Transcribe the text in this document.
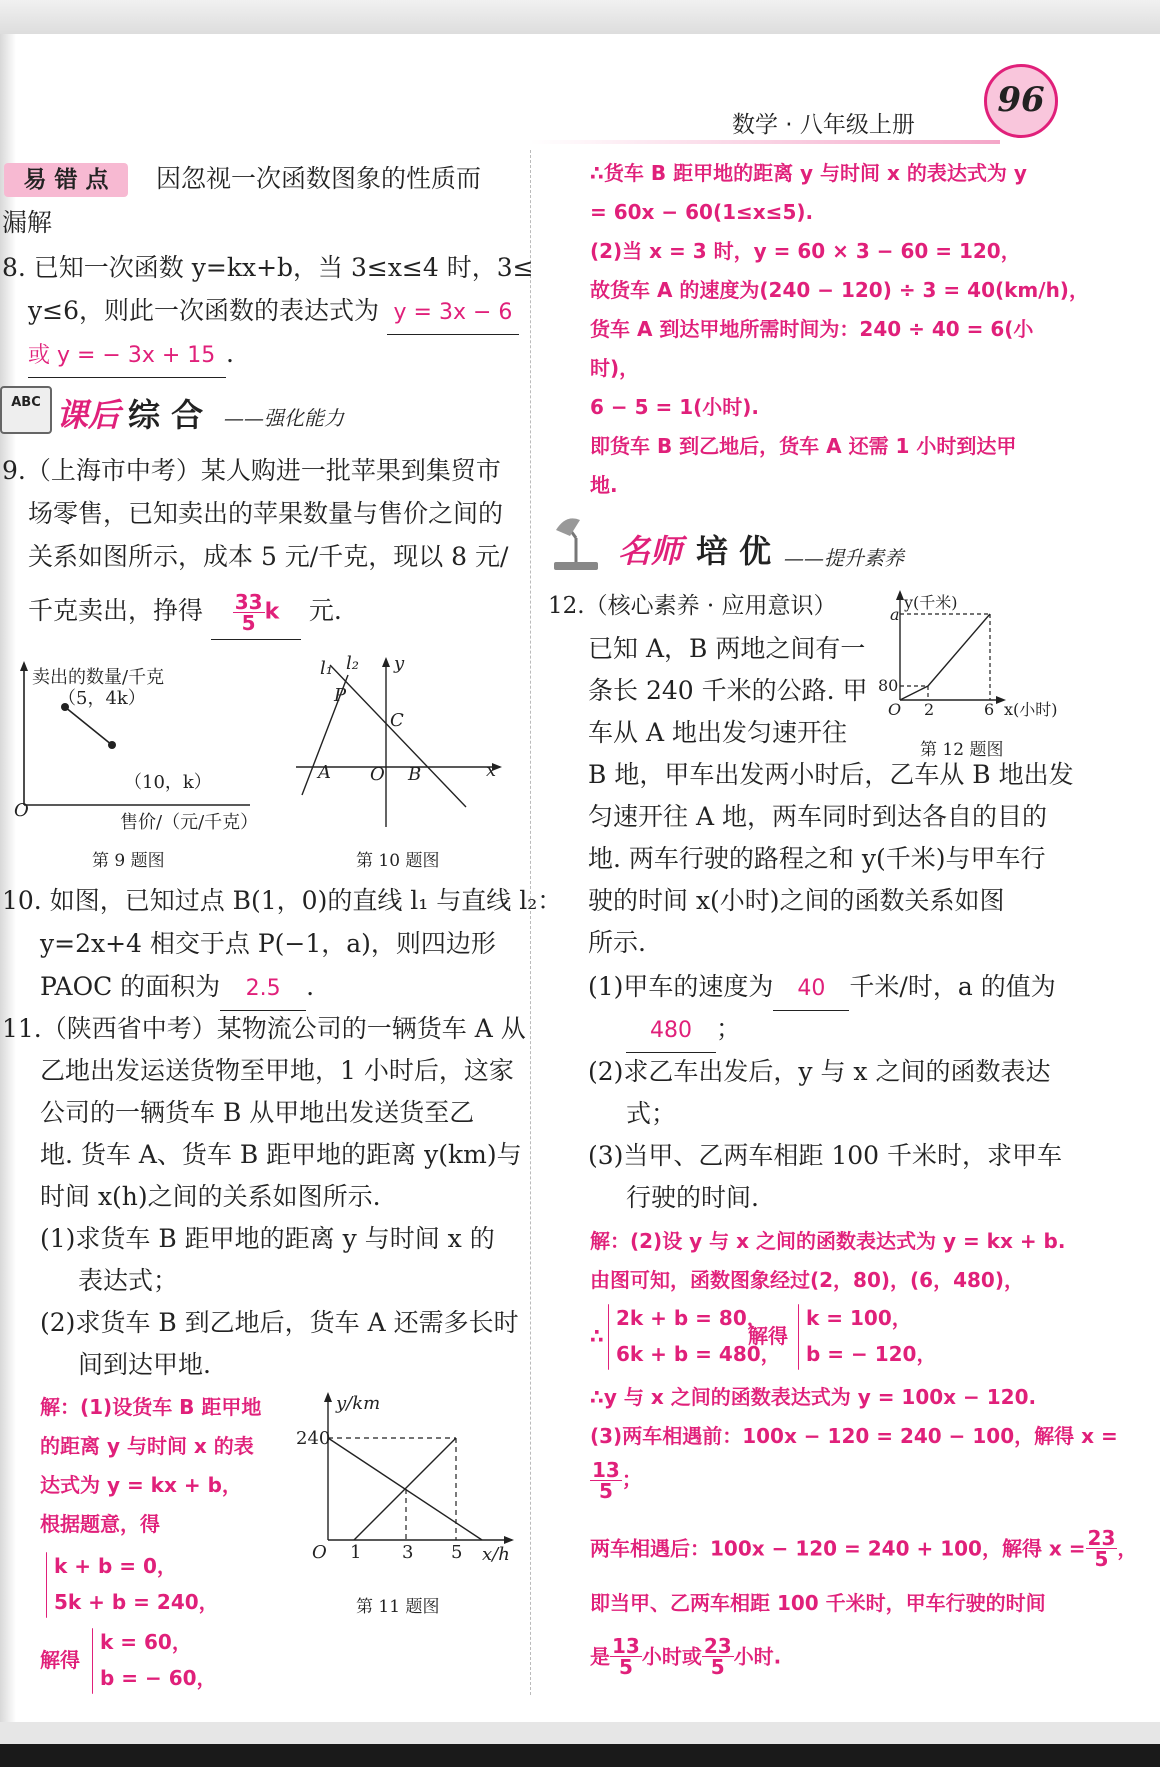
数学 · 八年级上册
96
易 错 点	因忽视一次函数图象的性质而
漏解
8. 已知一次函数 y=kx+b，当 3≤x≤4 时，3≤
y≤6，则此一次函数的表达式为 y = 3x − 6
或 y = − 3x + 15 .
ABC 课后 综 合 ——强化能力
9.（上海市中考）某人购进一批苹果到集贸市
场零售，已知卖出的苹果数量与售价之间的
关系如图所示，成本 5 元/千克，现以 8 元/
千克卖出，挣得 $\frac{33}{5}$ k 元.
卖出的数量/千克
（5，4k）
（10，k）
O
售价/（元/千克）
第 9 题图
l₁ l₂ y
P
C
A O B	x
第 10 题图
10. 如图，已知过点 B(1，0)的直线 l₁ 与直线 l₂：
y=2x+4 相交于点 P(−1，a)，则四边形
PAOC 的面积为 2.5 .
11.（陕西省中考）某物流公司的一辆货车 A 从
乙地出发运送货物至甲地，1 小时后，这家
公司的一辆货车 B 从甲地出发送货至乙
地. 货车 A、货车 B 距甲地的距离 y(km)与
时间 x(h)之间的关系如图所示.
(1)求货车 B 距甲地的距离 y 与时间 x 的
表达式；
(2)求货车 B 到乙地后，货车 A 还需多长时
间到达甲地.
解：(1)设货车 B 距甲地
的距离 y 与时间 x 的表
达式为 y = kx + b，
根据题意，得
k + b = 0，
5k + b = 240，
解得
k = 60，
b = − 60，
y/km
240
O 1 3 5 x/h
第 11 题图
∴货车 B 距甲地的距离 y 与时间 x 的表达式为 y
= 60x − 60(1≤x≤5).
(2)当 x = 3 时，y = 60 × 3 − 60 = 120，
故货车 A 的速度为(240 − 120) ÷ 3 = 40(km/h)，
货车 A 到达甲地所需时间为：240 ÷ 40 = 6(小
时)，
6 − 5 = 1(小时).
即货车 B 到乙地后，货车 A 还需 1 小时到达甲
地.
名师 培 优 ——提升素养
12.（核心素养 · 应用意识）
已知 A，B 两地之间有一
条长 240 千米的公路. 甲
车从 A 地出发匀速开往
B 地，甲车出发两小时后，乙车从 B 地出发
匀速开往 A 地，两车同时到达各自的目的
地. 两车行驶的路程之和 y(千米)与甲车行
驶的时间 x(小时)之间的函数关系如图
所示.
(1)甲车的速度为 40 千米/时，a 的值为
480 ；
(2)求乙车出发后，y 与 x 之间的函数表达
式；
(3)当甲、乙两车相距 100 千米时，求甲车
行驶的时间.
y(千米)
a
80
O 2	6 x(小时)
第 12 题图
解：(2)设 y 与 x 之间的函数表达式为 y = kx + b.
由图可知，函数图象经过(2，80)，(6，480)，
∴
2k + b = 80，
6k + b = 480，
解得
k = 100，
b = − 120，
∴y 与 x 之间的函数表达式为 y = 100x − 120.
(3)两车相遇前：100x − 120 = 240 − 100，解得 x =
$\frac{13}{5}$ ；
两车相遇后：100x − 120 = 240 + 100，解得 $x = \frac{23}{5}$ ，
即当甲、乙两车相距 100 千米时，甲车行驶的时间
是 $\frac{13}{5}$ 小时或 $\frac{23}{5}$ 小时.
